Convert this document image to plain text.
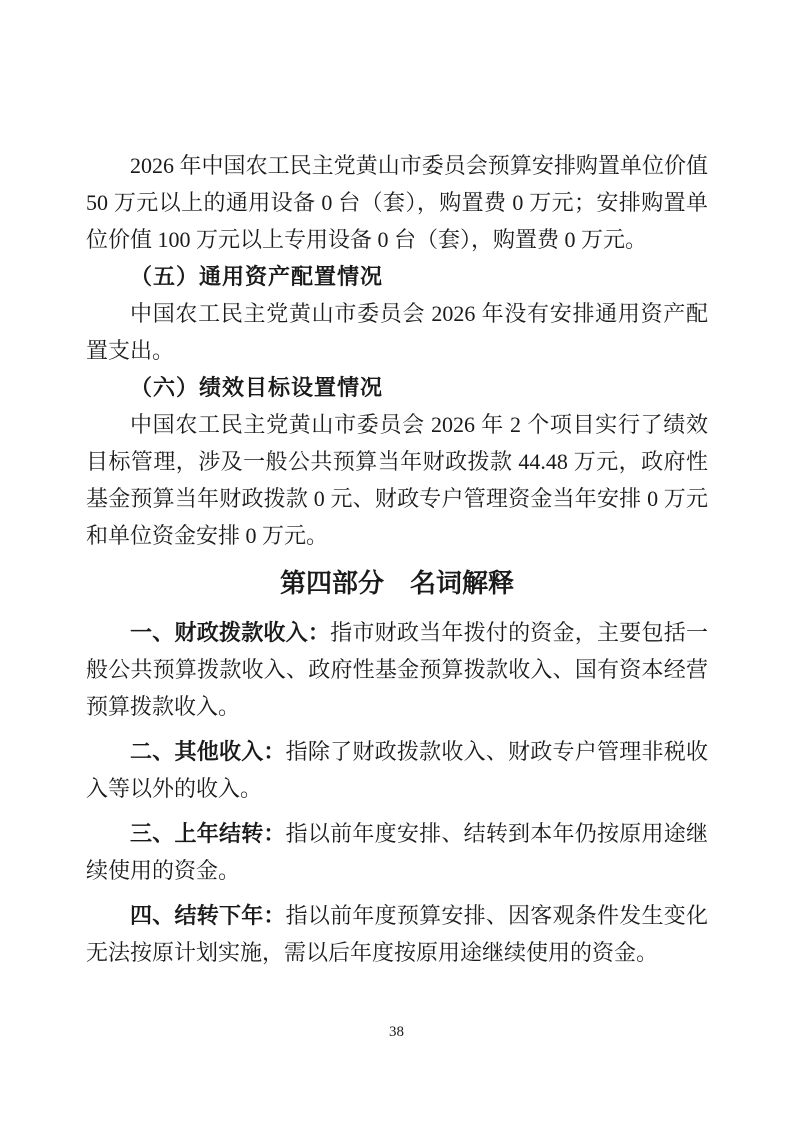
2026 年中国农工民主党黄山市委员会预算安排购置单位价值 50 万元以上的通用设备 0 台（套），购置费 0 万元；安排购置单位价值 100 万元以上专用设备 0 台（套），购置费 0 万元。

（五）通用资产配置情况

中国农工民主党黄山市委员会 2026 年没有安排通用资产配置支出。

（六）绩效目标设置情况

中国农工民主党黄山市委员会 2026 年 2 个项目实行了绩效目标管理，涉及一般公共预算当年财政拨款 44.48 万元，政府性基金预算当年财政拨款 0 元、财政专户管理资金当年安排 0 万元和单位资金安排 0 万元。

第四部分　名词解释

一、财政拨款收入：指市财政当年拨付的资金，主要包括一般公共预算拨款收入、政府性基金预算拨款收入、国有资本经营预算拨款收入。

二、其他收入：指除了财政拨款收入、财政专户管理非税收入等以外的收入。

三、上年结转：指以前年度安排、结转到本年仍按原用途继续使用的资金。

四、结转下年：指以前年度预算安排、因客观条件发生变化无法按原计划实施，需以后年度按原用途继续使用的资金。

38
